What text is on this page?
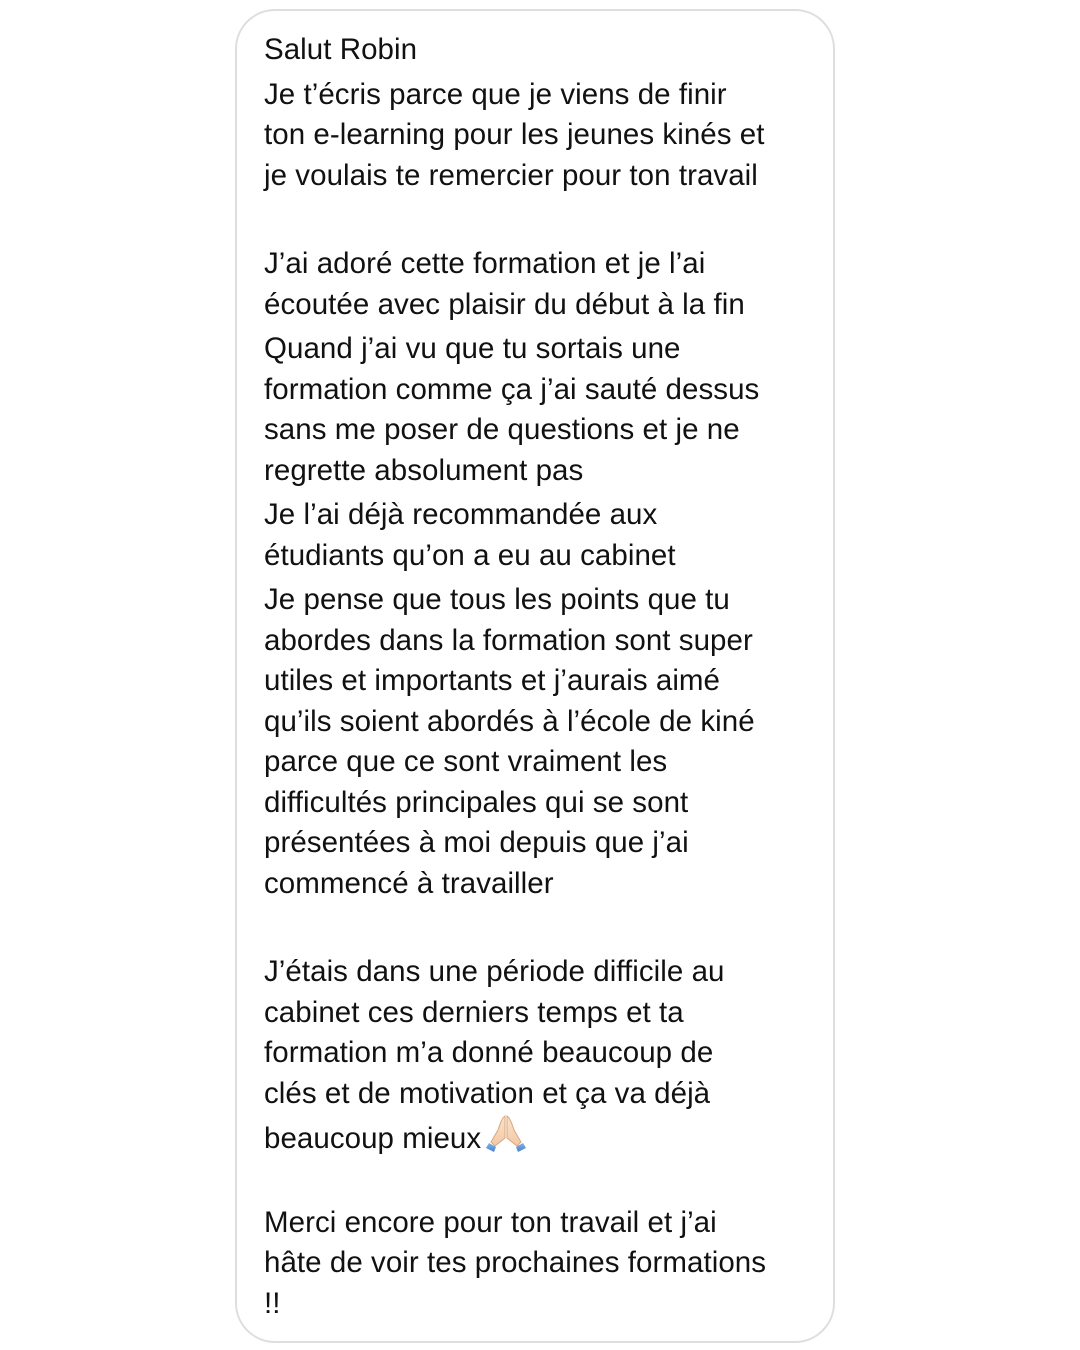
Salut Robin
Je t’écris parce que je viens de finir
ton e-learning pour les jeunes kinés et
je voulais te remercier pour ton travail
J’ai adoré cette formation et je l’ai
écoutée avec plaisir du début à la fin
Quand j’ai vu que tu sortais une
formation comme ça j’ai sauté dessus
sans me poser de questions et je ne
regrette absolument pas
Je l’ai déjà recommandée aux
étudiants qu’on a eu au cabinet
Je pense que tous les points que tu
abordes dans la formation sont super
utiles et importants et j’aurais aimé
qu’ils soient abordés à l’école de kiné
parce que ce sont vraiment les
difficultés principales qui se sont
présentées à moi depuis que j’ai
commencé à travailler
J’étais dans une période difficile au
cabinet ces derniers temps et ta
formation m’a donné beaucoup de
clés et de motivation et ça va déjà
beaucoup mieux
Merci encore pour ton travail et j’ai
hâte de voir tes prochaines formations
!!
